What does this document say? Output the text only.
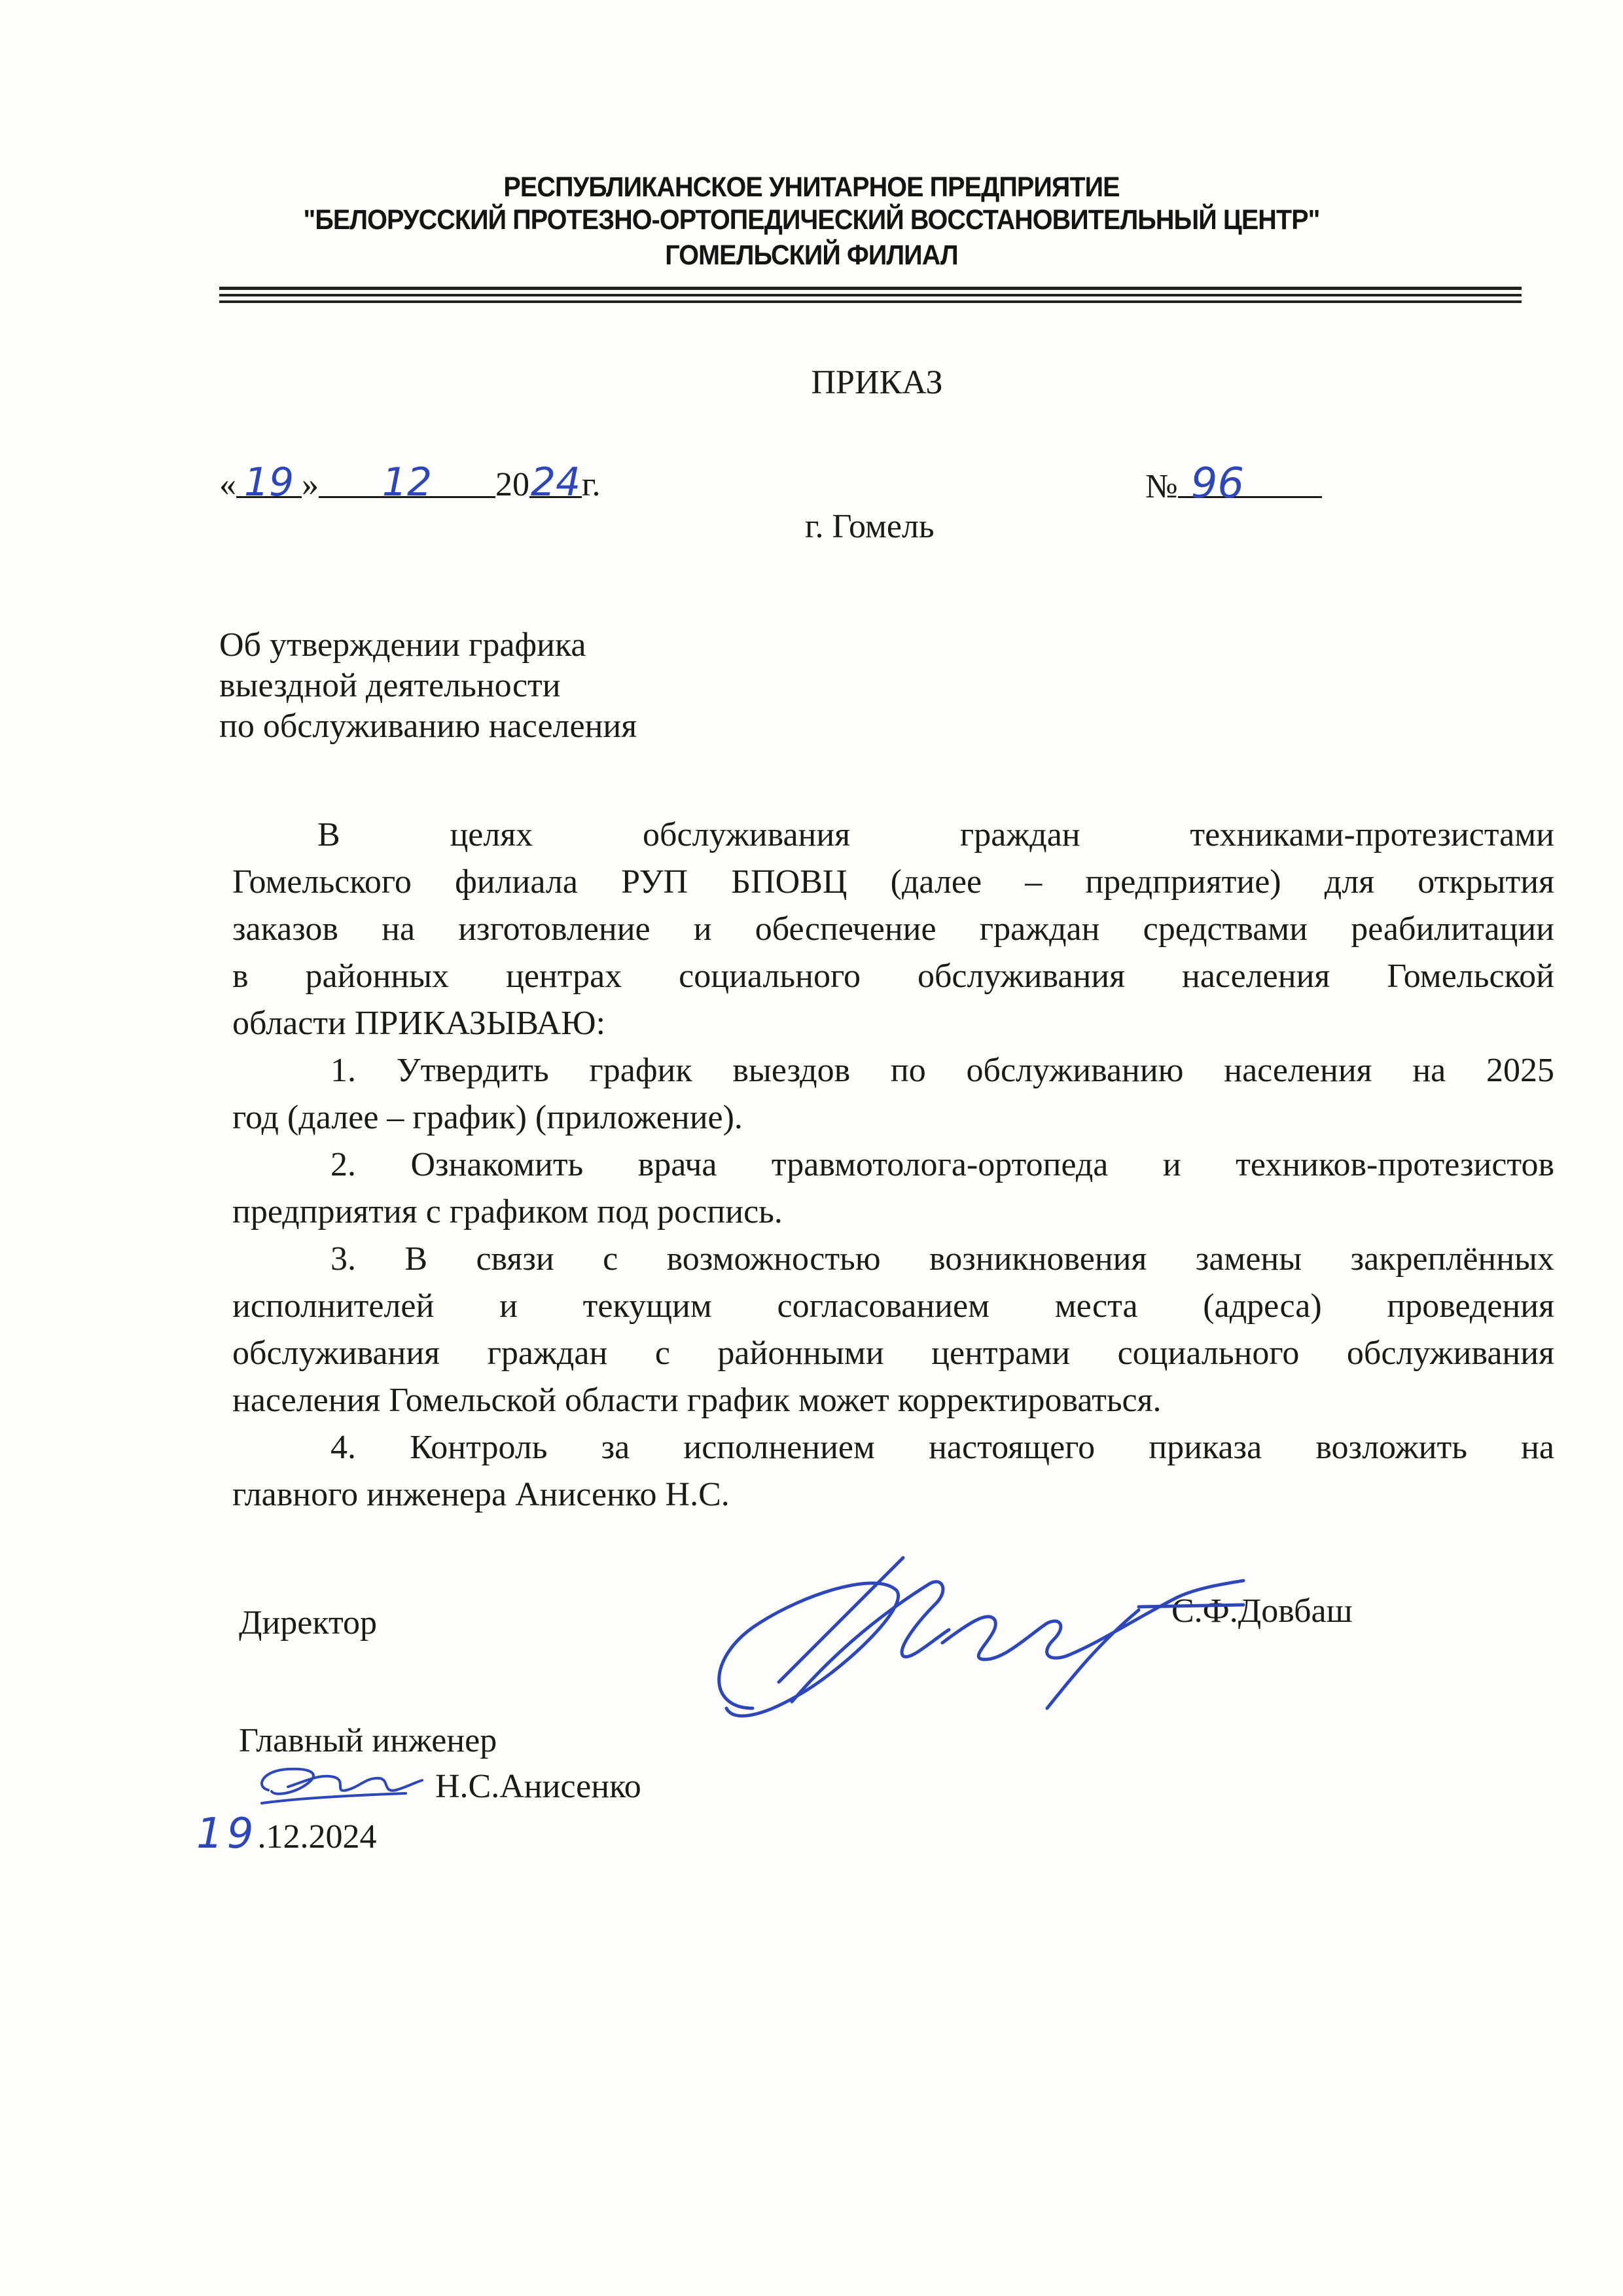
РЕСПУБЛИКАНСКОЕ УНИТАРНОЕ ПРЕДПРИЯТИЕ
"БЕЛОРУССКИЙ ПРОТЕЗНО-ОРТОПЕДИЧЕСКИЙ ВОССТАНОВИТЕЛЬНЫЙ ЦЕНТР"
ГОМЕЛЬСКИЙ ФИЛИАЛ
ПРИКАЗ
« 19 » 12 2024г.	№ 96
г. Гомель
Об утверждении графика
выездной деятельности
по обслуживанию населения
В целях обслуживания граждан техниками-протезистами
Гомельского филиала РУП БПОВЦ (далее – предприятие) для открытия
заказов на изготовление и обеспечение граждан средствами реабилитации
в районных центрах социального обслуживания населения Гомельской
области ПРИКАЗЫВАЮ:
1. Утвердить график выездов по обслуживанию населения на 2025
год (далее – график) (приложение).
2. Ознакомить врача травмотолога-ортопеда и техников-протезистов
предприятия с графиком под роспись.
3. В связи с возможностью возникновения замены закреплённых
исполнителей и текущим согласованием места (адреса) проведения
обслуживания граждан с районными центрами социального обслуживания
населения Гомельской области график может корректироваться.
4. Контроль за исполнением настоящего приказа возложить на
главного инженера Анисенко Н.С.
Директор	С.Ф.Довбаш
Главный инженер
Н.С.Анисенко
19.12.2024
